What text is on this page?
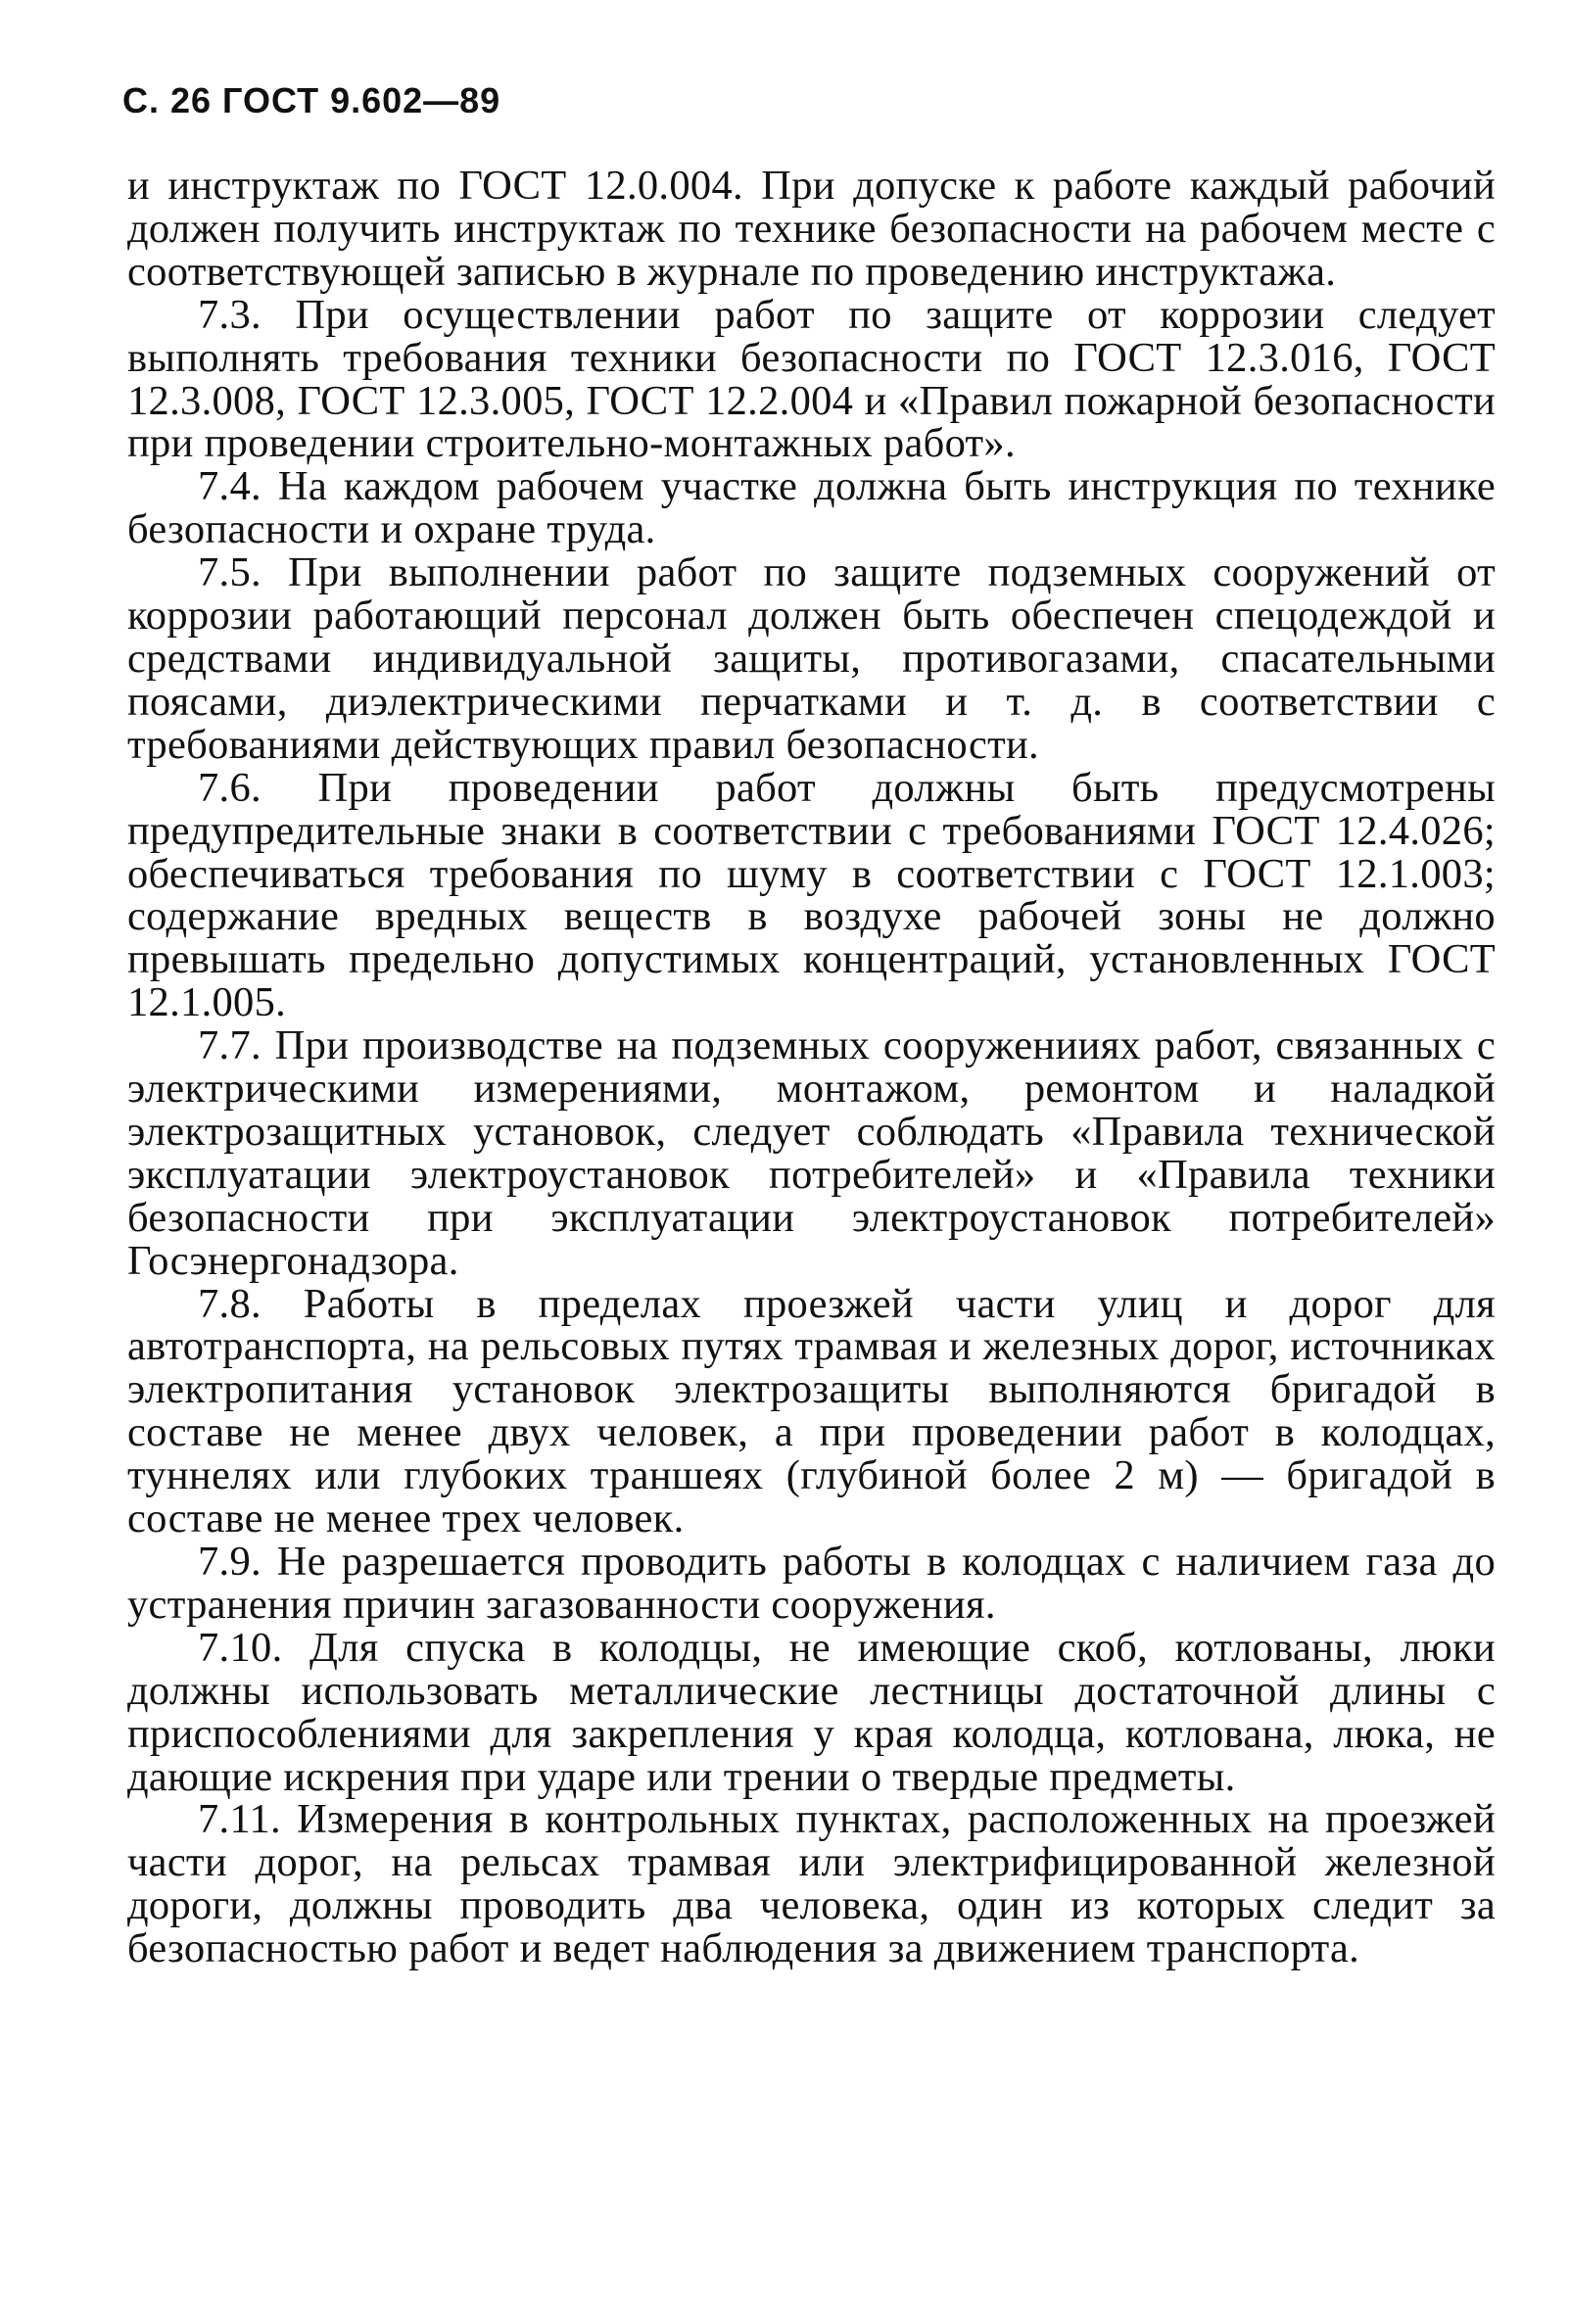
С. 26 ГОСТ 9.602—89

и инструктаж по ГОСТ 12.0.004. При допуске к работе каждый рабочий должен получить инструктаж по технике безопасности на рабочем месте с соответствующей записью в журнале по проведению инструктажа.

7.3. При осуществлении работ по защите от коррозии следует выполнять требования техники безопасности по ГОСТ 12.3.016, ГОСТ 12.3.008, ГОСТ 12.3.005, ГОСТ 12.2.004 и «Правил пожарной безопасности при проведении строительно-монтажных работ».

7.4. На каждом рабочем участке должна быть инструкция по технике безопасности и охране труда.

7.5. При выполнении работ по защите подземных сооружений от коррозии работающий персонал должен быть обеспечен спецодеждой и средствами индивидуальной защиты, противогазами, спасательными поясами, диэлектрическими перчатками и т. д. в соответствии с требованиями действующих правил безопасности.

7.6. При проведении работ должны быть предусмотрены предупредительные знаки в соответствии с требованиями ГОСТ 12.4.026; обеспечиваться требования по шуму в соответствии с ГОСТ 12.1.003; содержание вредных веществ в воздухе рабочей зоны не должно превышать предельно допустимых концентраций, установленных ГОСТ 12.1.005.

7.7. При производстве на подземных сооруженииях работ, связанных с электрическими измерениями, монтажом, ремонтом и наладкой электрозащитных установок, следует соблюдать «Правила технической эксплуатации электроустановок потребителей» и «Правила техники безопасности при эксплуатации электроустановок потребителей» Госэнергонадзора.

7.8. Работы в пределах проезжей части улиц и дорог для автотранспорта, на рельсовых путях трамвая и железных дорог, источниках электропитания установок электрозащиты выполняются бригадой в составе не менее двух человек, а при проведении работ в колодцах, туннелях или глубоких траншеях (глубиной более 2 м) — бригадой в составе не менее трех человек.

7.9. Не разрешается проводить работы в колодцах с наличием газа до устранения причин загазованности сооружения.

7.10. Для спуска в колодцы, не имеющие скоб, котлованы, люки должны использовать металлические лестницы достаточной длины с приспособлениями для закрепления у края колодца, котлована, люка, не дающие искрения при ударе или трении о твердые предметы.

7.11. Измерения в контрольных пунктах, расположенных на проезжей части дорог, на рельсах трамвая или электрифицированной железной дороги, должны проводить два человека, один из которых следит за безопасностью работ и ведет наблюдения за движением транспорта.
